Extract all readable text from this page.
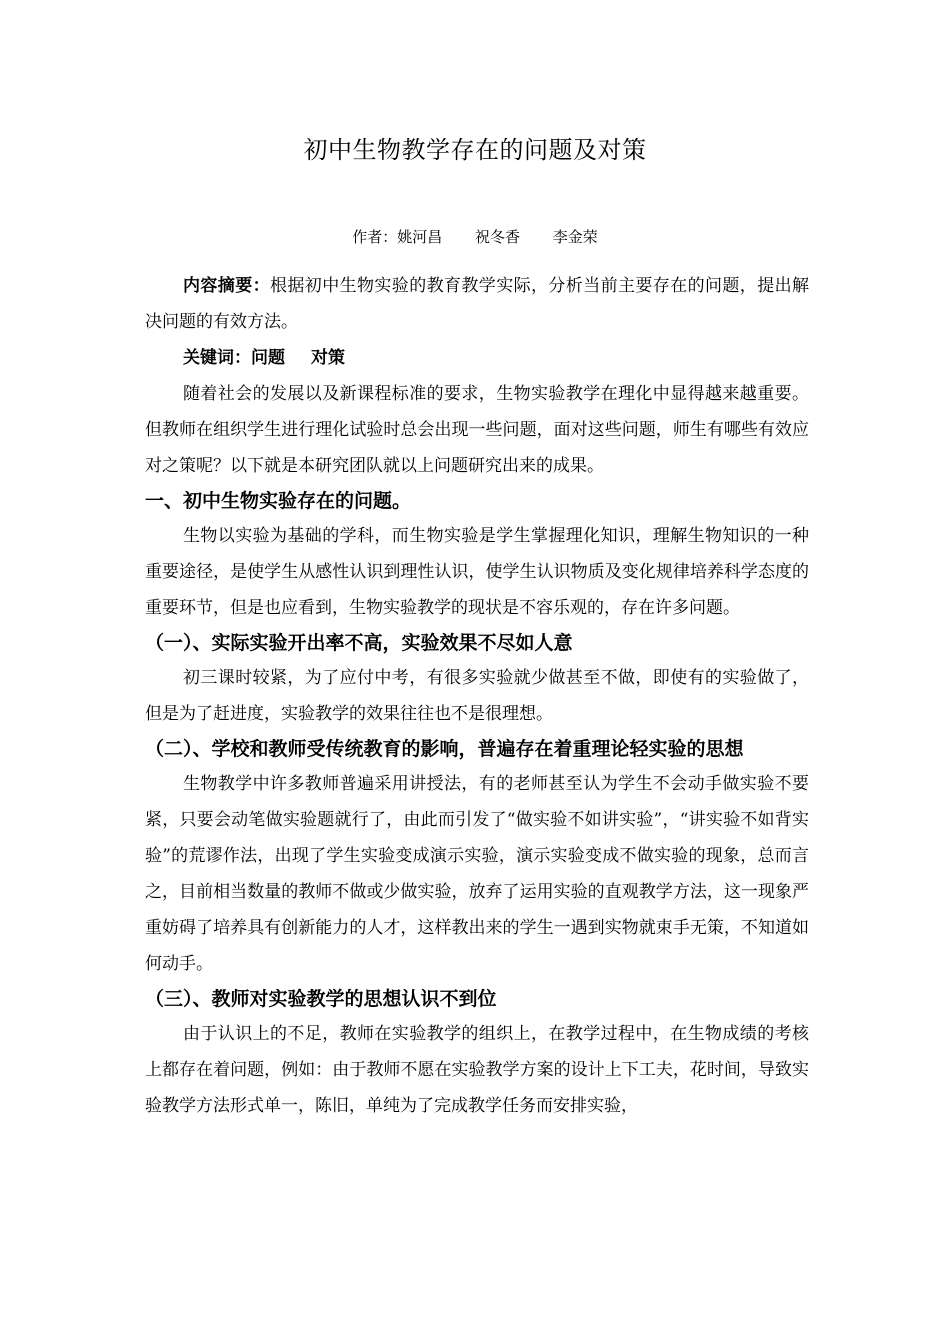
初中生物教学存在的问题及对策
作者：姚河昌 祝冬香 李金荣

内容摘要：根据初中生物实验的教育教学实际，分析当前主要存在的问题，提出解决问题的有效方法。

关键词：问题 对策

随着社会的发展以及新课程标准的要求，生物实验教学在理化中显得越来越重要。但教师在组织学生进行理化试验时总会出现一些问题，面对这些问题，师生有哪些有效应对之策呢？以下就是本研究团队就以上问题研究出来的成果。

一、初中生物实验存在的问题。

生物以实验为基础的学科，而生物实验是学生掌握理化知识，理解生物知识的一种重要途径，是使学生从感性认识到理性认识，使学生认识物质及变化规律培养科学态度的重要环节，但是也应看到，生物实验教学的现状是不容乐观的，存在许多问题。

（一）、实际实验开出率不高，实验效果不尽如人意

初三课时较紧，为了应付中考，有很多实验就少做甚至不做，即使有的实验做了，但是为了赶进度，实验教学的效果往往也不是很理想。

（二）、学校和教师受传统教育的影响，普遍存在着重理论轻实验的思想

生物教学中许多教师普遍采用讲授法，有的老师甚至认为学生不会动手做实验不要紧，只要会动笔做实验题就行了，由此而引发了“做实验不如讲实验”，“讲实验不如背实验”的荒谬作法，出现了学生实验变成演示实验，演示实验变成不做实验的现象，总而言之，目前相当数量的教师不做或少做实验，放弃了运用实验的直观教学方法，这一现象严重妨碍了培养具有创新能力的人才，这样教出来的学生一遇到实物就束手无策，不知道如何动手。

（三）、教师对实验教学的思想认识不到位

由于认识上的不足，教师在实验教学的组织上，在教学过程中，在生物成绩的考核上都存在着问题，例如：由于教师不愿在实验教学方案的设计上下工夫，花时间，导致实验教学方法形式单一，陈旧，单纯为了完成教学任务而安排实验，
